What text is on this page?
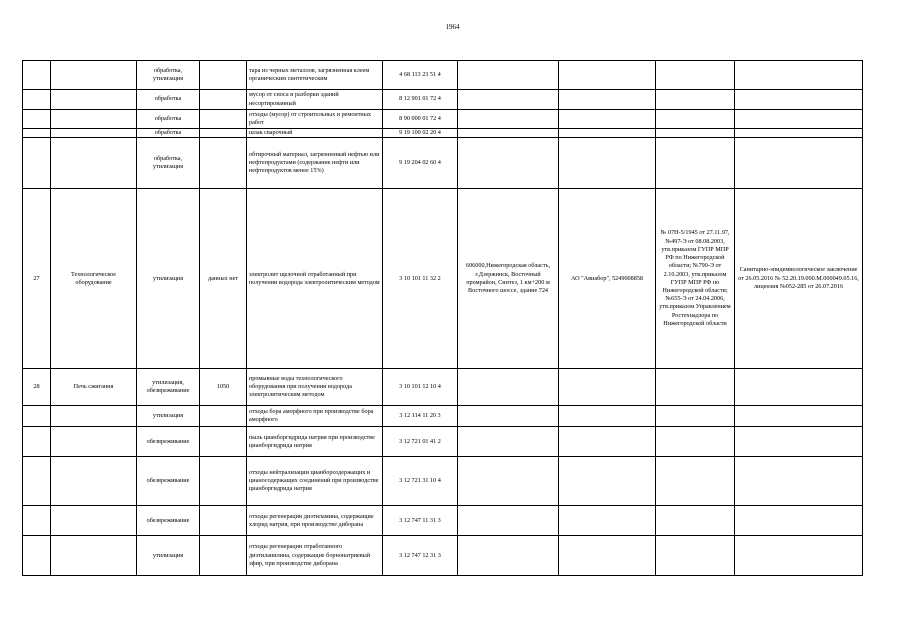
1964
		обработка,
утилизация		тара из черных металлов, загрязненная клеем органическим синтетическим	4 68 113 23 51 4				
		обработка		мусор от сноса и разборки зданий несортированный	8 12 901 01 72 4				
		обработка		отходы (мусор) от строительных и ремонтных работ	8 90 000 01 72 4				
		обработка		шлак сварочный	9 19 100 02 20 4				
		обработка,
утилизация		обтирочный материал, загрязненный нефтью или нефтепродуктами (содержание нефти или нефтепродуктов менее 15%)	9 19 204 02 60 4				
27	Технологическое
оборудование	утилизация	данных нет	электролит щелочной отработанный при получении водорода электролитическим методом	3 10 101 11 32 2	606000,Нижегородская область, г.Дзержинск, Восточный промрайон, Синтез, 1 км+200 м Восточного шоссе, здание 724	АО "Авиабор", 5249008858	№ 07Н-5/1945 от 27.11.97, №497-Э от 08.08.2003, утв.приказом ГУПР МПР РФ по Нижегородской области; №790-Э от 2.10.2003, утв.приказом ГУПР МПР РФ по Нижегородской области; №655-Э от 24.04.2006, утв.приказом Управлением Ростехнадзора по Нижегородской области	Санитарно-эпидемиологическое заключение от 26.05.2016 № 52.20.19.000.М.000049.05.16, лицензия №052-285 от 26.07.2016
28	Печь сжигания	утилизация,
обезвреживание	1050	промывные воды технологического оборудования при получении водорода электролитическим методом	3 10 101 12 10 4				
		утилизация		отходы бора аморфного при производстве бора аморфного	3 12 114 11 20 3				
		обезвреживание		пыль цианборгидрида натрия при производстве цианборгидрида натрия	3 12 721 01 41 2				
		обезвреживание		отходы нейтрализации цианборсодержащих и цианосодержащих соединений при производстве цианборгидрида натрия	3 12 721 31 10 4				
		обезвреживание		отходы регенерации диэтиламина, содержащие хлорид натрия, при производстве диборана	3 12 747 11 31 3				
		утилизация		отходы регенерации отработанного диэтиланилина, содержащие борнонатриевый эфир, при производстве диборана	3 12 747 12 31 3				
